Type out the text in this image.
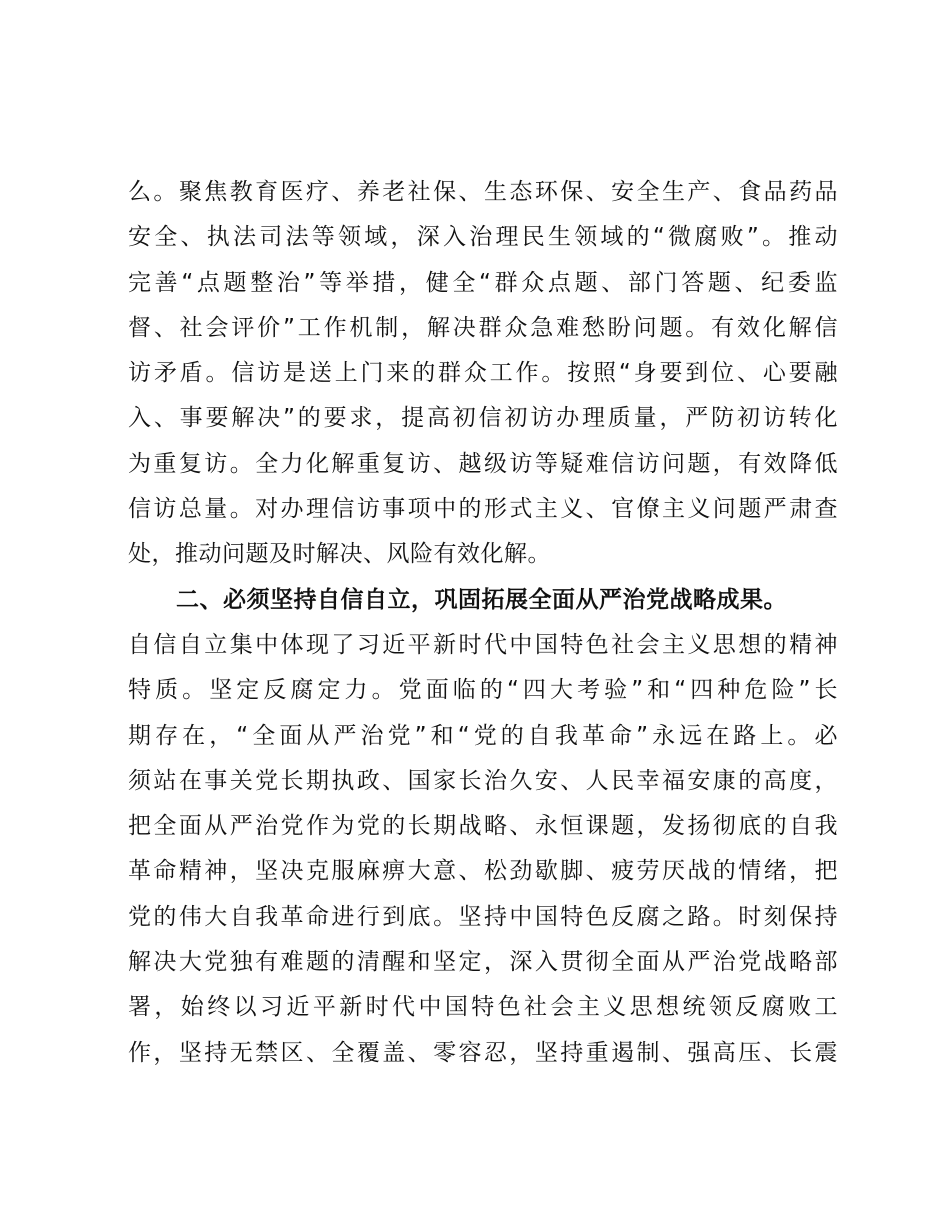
么。聚焦教育医疗、养老社保、生态环保、安全生产、食品药品
安全、执法司法等领域，深入治理民生领域的“微腐败”。推动
完善“点题整治”等举措，健全“群众点题、部门答题、纪委监
督、社会评价”工作机制，解决群众急难愁盼问题。有效化解信
访矛盾。信访是送上门来的群众工作。按照“身要到位、心要融
入、事要解决”的要求，提高初信初访办理质量，严防初访转化
为重复访。全力化解重复访、越级访等疑难信访问题，有效降低
信访总量。对办理信访事项中的形式主义、官僚主义问题严肃查
处，推动问题及时解决、风险有效化解。
二、必须坚持自信自立，巩固拓展全面从严治党战略成果。
自信自立集中体现了习近平新时代中国特色社会主义思想的精神
特质。坚定反腐定力。党面临的“四大考验”和“四种危险”长
期存在，“全面从严治党”和“党的自我革命”永远在路上。必
须站在事关党长期执政、国家长治久安、人民幸福安康的高度，
把全面从严治党作为党的长期战略、永恒课题，发扬彻底的自我
革命精神，坚决克服麻痹大意、松劲歇脚、疲劳厌战的情绪，把
党的伟大自我革命进行到底。坚持中国特色反腐之路。时刻保持
解决大党独有难题的清醒和坚定，深入贯彻全面从严治党战略部
署，始终以习近平新时代中国特色社会主义思想统领反腐败工
作，坚持无禁区、全覆盖、零容忍，坚持重遏制、强高压、长震
